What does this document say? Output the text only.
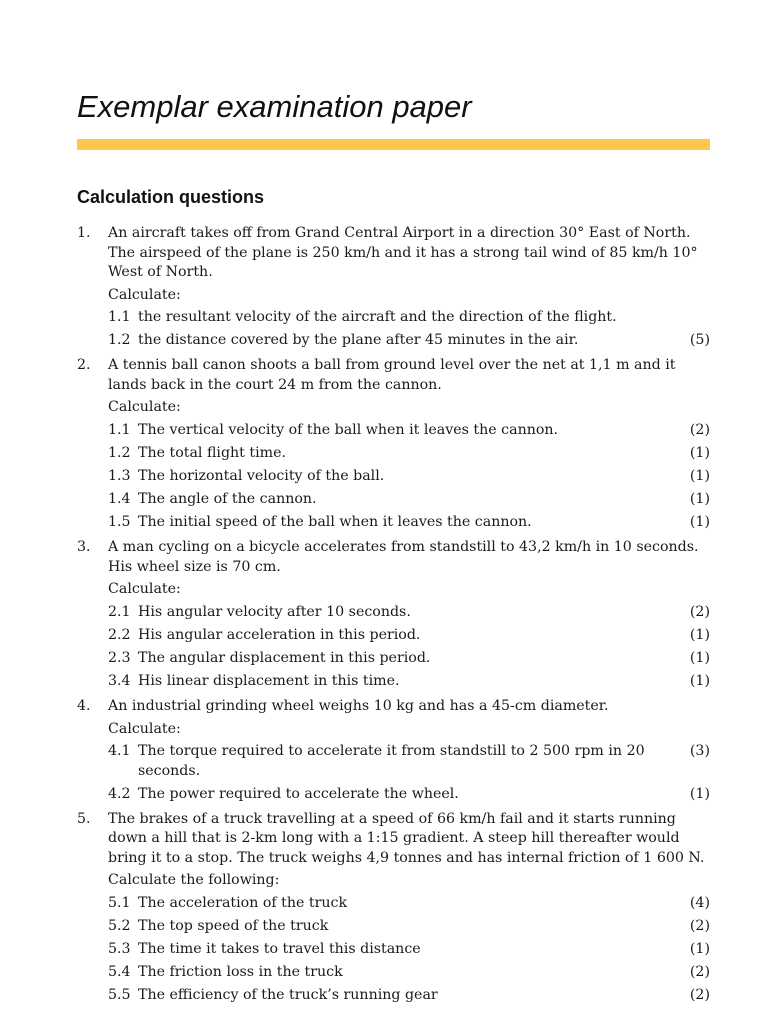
Exemplar examination paper
Calculation questions
1.	An aircraft takes off from Grand Central Airport in a direction 30° East of North. The airspeed of the plane is 250 km/h and it has a strong tail wind of 85 km/h 10° West of North.

Calculate:

1.1 the resultant velocity of the aircraft and the direction of the flight.
1.2 the distance covered by the plane after 45 minutes in the air.	(5)
2.	A tennis ball canon shoots a ball from ground level over the net at 1,1 m and it lands back in the court 24 m from the cannon.

Calculate:

1.1 The vertical velocity of the ball when it leaves the cannon.	(2)
1.2 The total flight time.	(1)
1.3 The horizontal velocity of the ball.	(1)
1.4 The angle of the cannon.	(1)
1.5 The initial speed of the ball when it leaves the cannon.	(1)
3.	A man cycling on a bicycle accelerates from standstill to 43,2 km/h in 10 seconds. His wheel size is 70 cm.

Calculate:

2.1 His angular velocity after 10 seconds.	(2)
2.2 His angular acceleration in this period.	(1)
2.3 The angular displacement in this period.	(1)
3.4 His linear displacement in this time.	(1)
4.	An industrial grinding wheel weighs 10 kg and has a 45-cm diameter.

Calculate:

4.1 The torque required to accelerate it from standstill to 2 500 rpm in 20 seconds.
(3)
4.2 The power required to accelerate the wheel.	(1)
5.	The brakes of a truck travelling at a speed of 66 km/h fail and it starts running down a hill that is 2-km long with a 1:15 gradient. A steep hill thereafter would bring it to a stop. The truck weighs 4,9 tonnes and has internal friction of 1 600 N.

Calculate the following:

5.1 The acceleration of the truck	(4)
5.2 The top speed of the truck	(2)
5.3 The time it takes to travel this distance	(1)
5.4 The friction loss in the truck	(2)
5.5 The efficiency of the truck’s running gear	(2)
